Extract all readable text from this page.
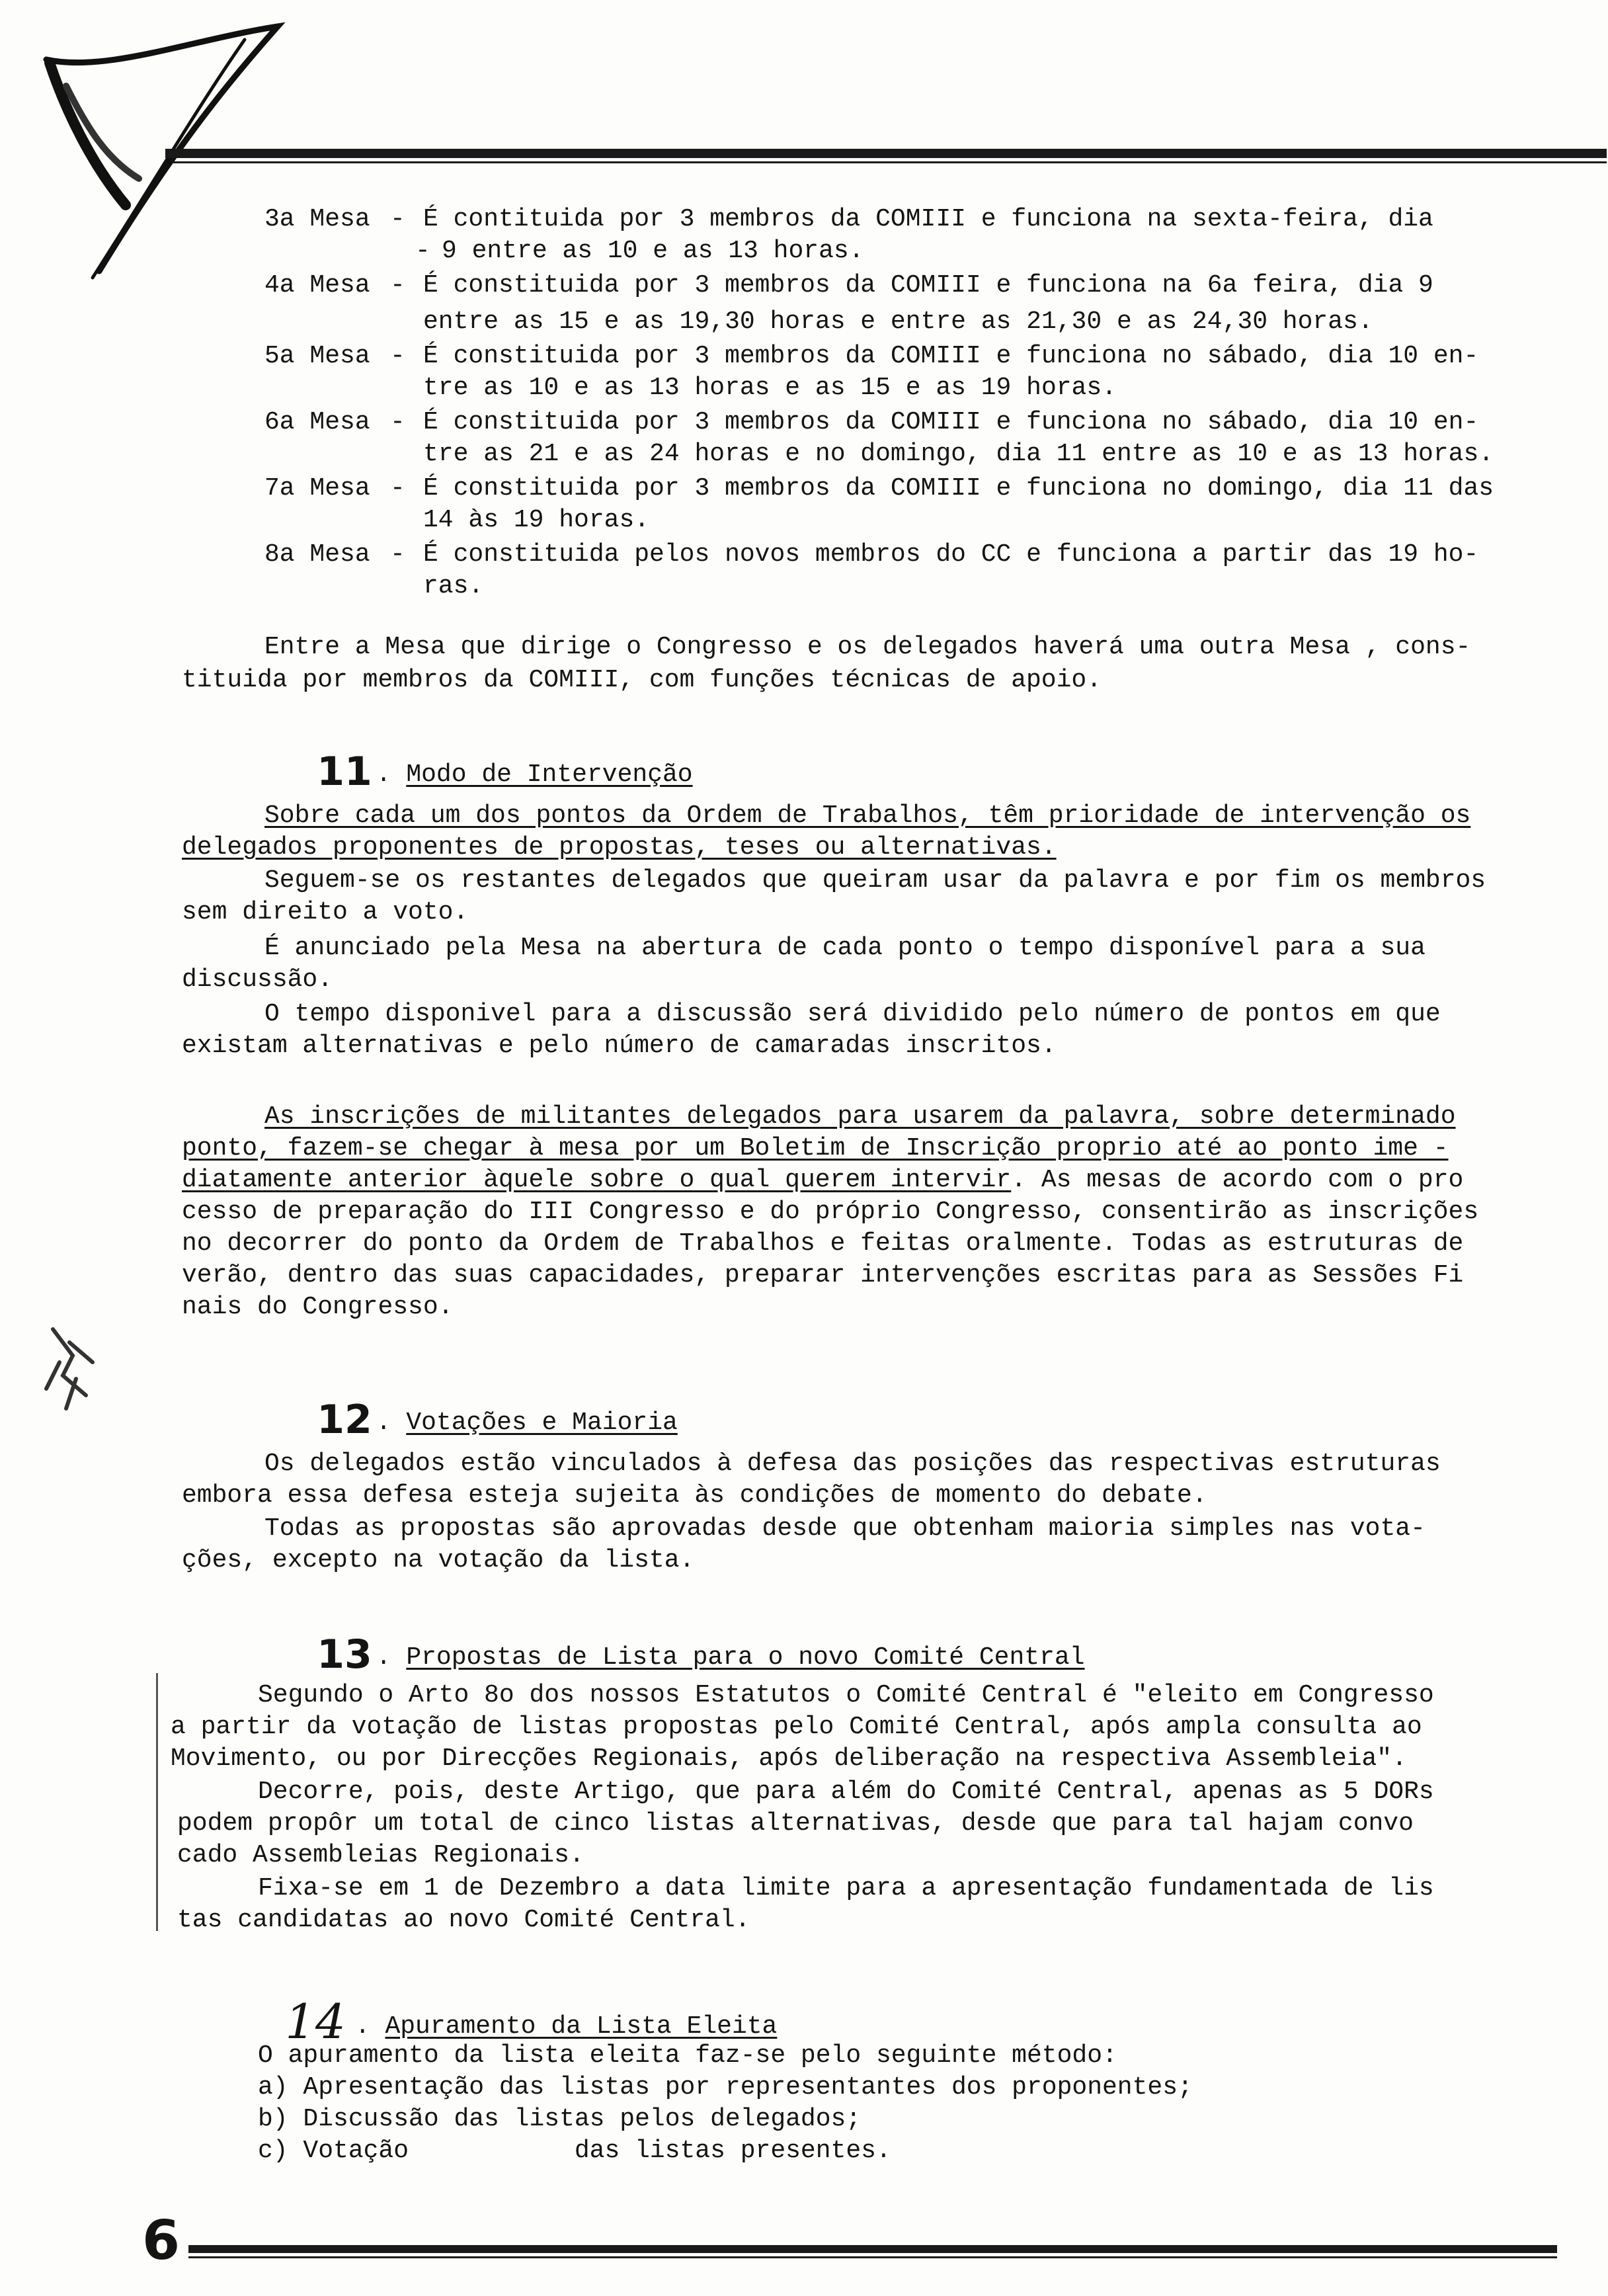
3a Mesa

-

É contituida por 3 membros da COMIII e funciona na sexta-feira, dia

-

9 entre as 10 e as 13 horas.

4a Mesa

-

É constituida por 3 membros da COMIII e funciona na 6a feira, dia 9

entre as 15 e as 19,30 horas e entre as 21,30 e as 24,30 horas.

5a Mesa

-

É constituida por 3 membros da COMIII e funciona no sábado, dia 10 en-

tre as 10 e as 13 horas e as 15 e as 19 horas.

6a Mesa

-

É constituida por 3 membros da COMIII e funciona no sábado, dia 10 en-

tre as 21 e as 24 horas e no domingo, dia 11 entre as 10 e as 13 horas.

7a Mesa

-

É constituida por 3 membros da COMIII e funciona no domingo, dia 11 das

14 às 19 horas.

8a Mesa

-

É constituida pelos novos membros do CC e funciona a partir das 19 ho-

ras.

Entre a Mesa que dirige o Congresso e os delegados haverá uma outra Mesa , cons-
tituida por membros da COMIII, com funções técnicas de apoio.

11 . Modo de Intervenção

Sobre cada um dos pontos da Ordem de Trabalhos, têm prioridade de intervenção os
delegados proponentes de propostas, teses ou alternativas.
Seguem-se os restantes delegados que queiram usar da palavra e por fim os membros
sem direito a voto.
É anunciado pela Mesa na abertura de cada ponto o tempo disponível para a sua
discussão.
O tempo disponivel para a discussão será dividido pelo número de pontos em que
existam alternativas e pelo número de camaradas inscritos.
As inscrições de militantes delegados para usarem da palavra, sobre determinado
ponto, fazem-se chegar à mesa por um Boletim de Inscrição proprio até ao ponto ime -
diatamente anterior àquele sobre o qual querem intervir. As mesas de acordo com o pro
cesso de preparação do III Congresso e do próprio Congresso, consentirão as inscrições
no decorrer do ponto da Ordem de Trabalhos e feitas oralmente. Todas as estruturas de
verão, dentro das suas capacidades, preparar intervenções escritas para as Sessões Fi
nais do Congresso.

12 . Votações e Maioria

Os delegados estão vinculados à defesa das posições das respectivas estruturas
embora essa defesa esteja sujeita às condições de momento do debate.
Todas as propostas são aprovadas desde que obtenham maioria simples nas vota-
ções, excepto na votação da lista.

13 . Propostas de Lista para o novo Comité Central

Segundo o Arto 8o dos nossos Estatutos o Comité Central é "eleito em Congresso
a partir da votação de listas propostas pelo Comité Central, após ampla consulta ao
Movimento, ou por Direcções Regionais, após deliberação na respectiva Assembleia".
Decorre, pois, deste Artigo, que para além do Comité Central, apenas as 5 DORs
podem propôr um total de cinco listas alternativas, desde que para tal hajam convo
cado Assembleias Regionais.
Fixa-se em 1 de Dezembro a data limite para a apresentação fundamentada de lis
tas candidatas ao novo Comité Central.

14 . Apuramento da Lista Eleita

O apuramento da lista eleita faz-se pelo seguinte método:
a) Apresentação das listas por representantes dos proponentes;
b) Discussão das listas pelos delegados;
c) Votação           das listas presentes.
6
